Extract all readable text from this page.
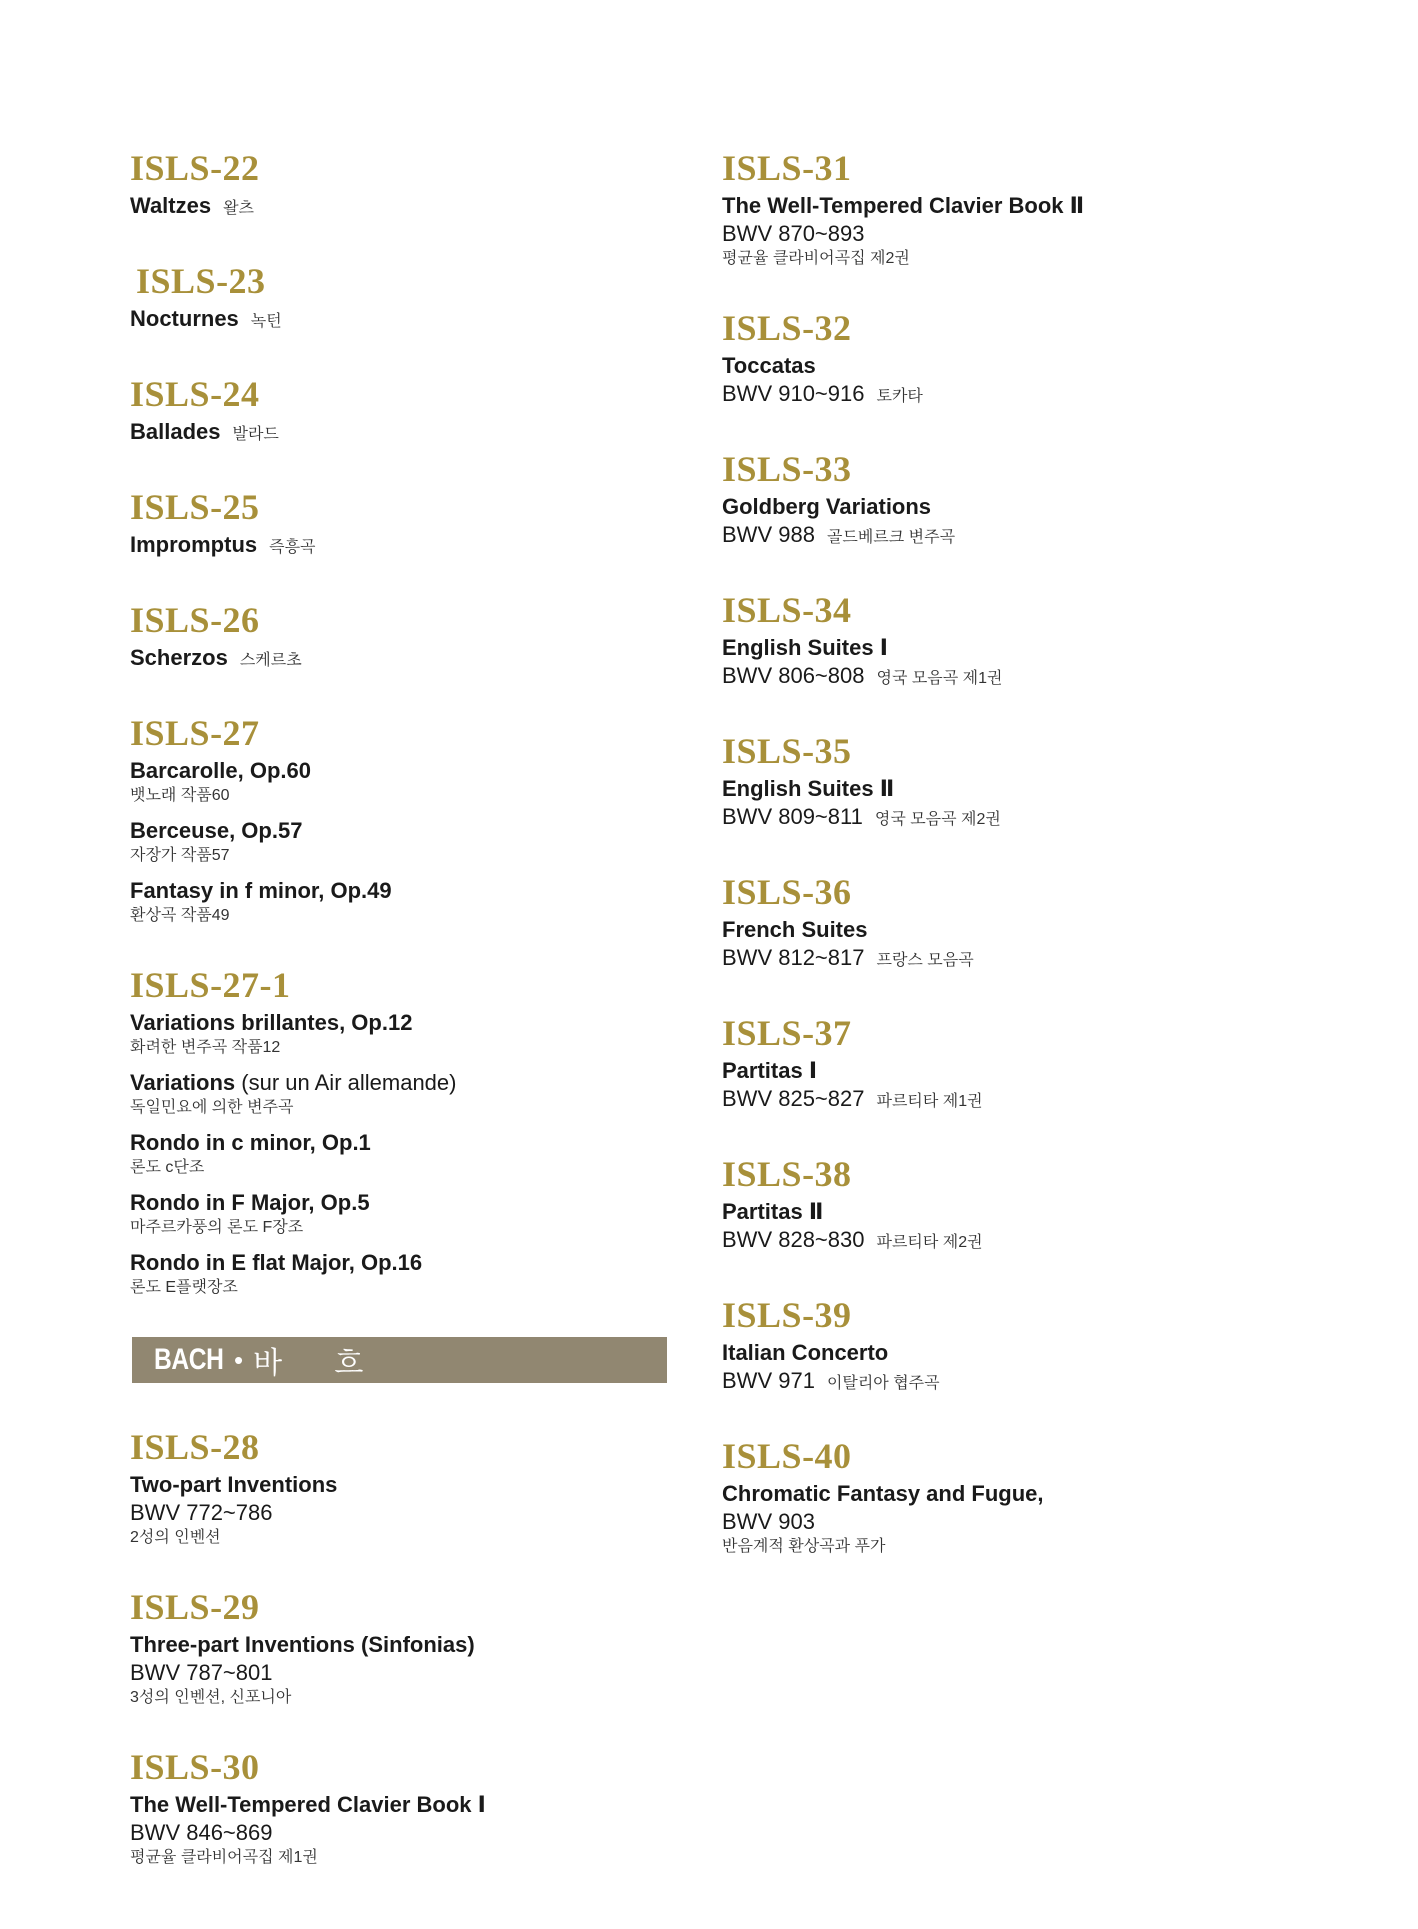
ISLS-22
Waltzes 왈츠
ISLS-23
Nocturnes 녹턴
ISLS-24
Ballades 발라드
ISLS-25
Impromptus 즉흥곡
ISLS-26
Scherzos 스케르초
ISLS-27
Barcarolle, Op.60
뱃노래 작품60
Berceuse, Op.57
자장가 작품57
Fantasy in f minor, Op.49
환상곡 작품49
ISLS-27-1
Variations brillantes, Op.12
화려한 변주곡 작품12
Variations (sur un Air allemande)
독일민요에 의한 변주곡
Rondo in c minor, Op.1
론도 c단조
Rondo in F Major, Op.5
마주르카풍의 론도 F장조
Rondo in E flat Major, Op.16
론도 E플랫장조
BACH • 바 흐
ISLS-28
Two-part Inventions
BWV 772~786
2성의 인벤션
ISLS-29
Three-part Inventions (Sinfonias)
BWV 787~801
3성의 인벤션, 신포니아
ISLS-30
The Well-Tempered Clavier Book Ⅰ
BWV 846~869
평균율 클라비어곡집 제1권
ISLS-31
The Well-Tempered Clavier Book Ⅱ
BWV 870~893
평균율 클라비어곡집 제2권
ISLS-32
Toccatas
BWV 910~916 토카타
ISLS-33
Goldberg Variations
BWV 988 골드베르크 변주곡
ISLS-34
English Suites Ⅰ
BWV 806~808 영국 모음곡 제1권
ISLS-35
English Suites Ⅱ
BWV 809~811 영국 모음곡 제2권
ISLS-36
French Suites
BWV 812~817 프랑스 모음곡
ISLS-37
Partitas Ⅰ
BWV 825~827 파르티타 제1권
ISLS-38
Partitas Ⅱ
BWV 828~830 파르티타 제2권
ISLS-39
Italian Concerto
BWV 971 이탈리아 협주곡
ISLS-40
Chromatic Fantasy and Fugue,
BWV 903
반음계적 환상곡과 푸가
